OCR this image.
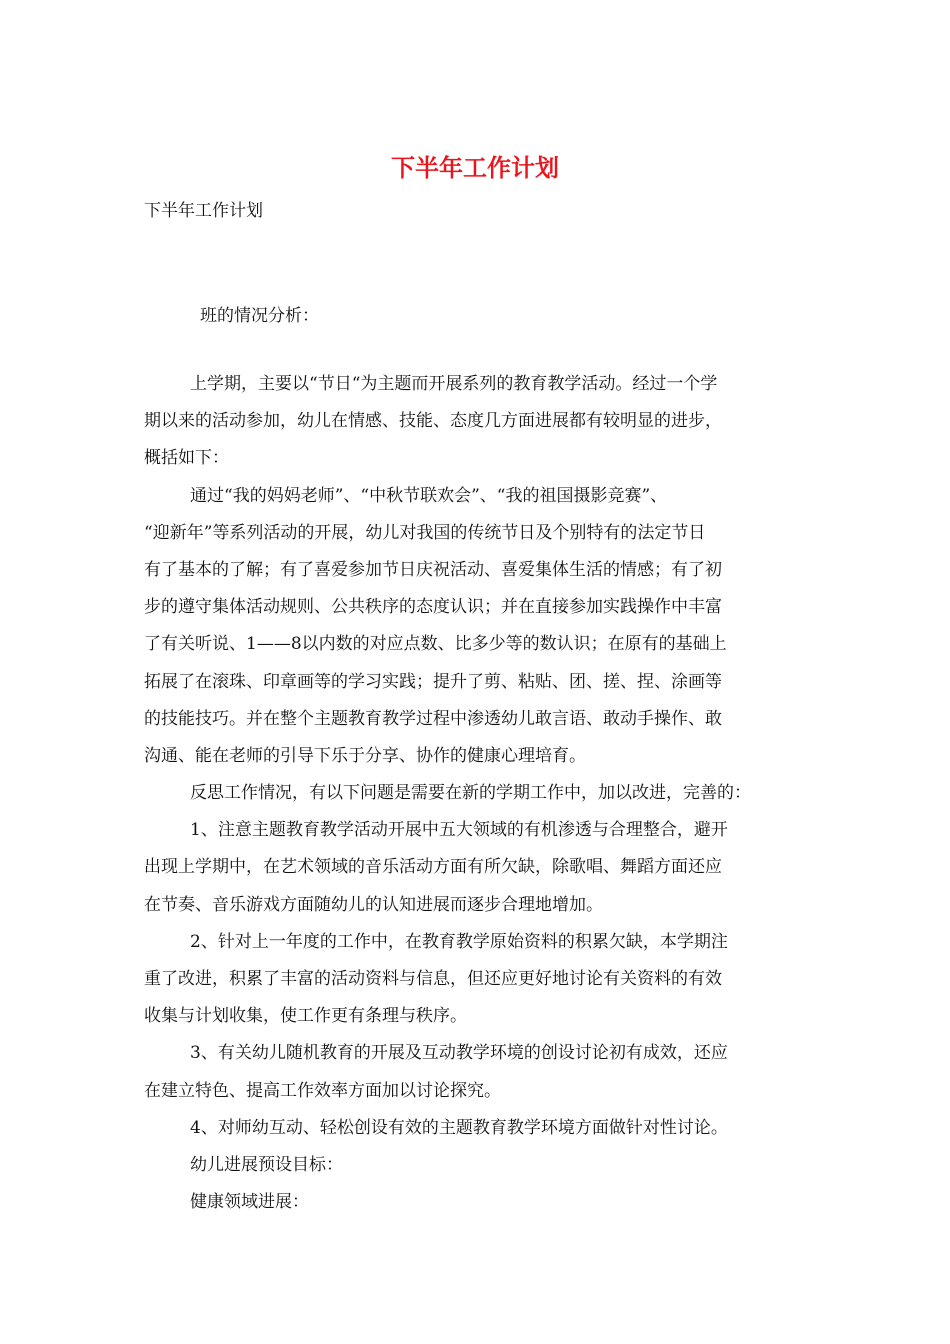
下半年工作计划
下半年工作计划
班的情况分析：
上学期，主要以“节日“为主题而开展系列的教育教学活动。经过一个学
期以来的活动参加，幼儿在情感、技能、态度几方面进展都有较明显的进步，
概括如下：
通过“我的妈妈老师”、“中秋节联欢会”、“我的祖国摄影竞赛”、
“迎新年”等系列活动的开展，幼儿对我国的传统节日及个别特有的法定节日
有了基本的了解；有了喜爱参加节日庆祝活动、喜爱集体生活的情感；有了初
步的遵守集体活动规则、公共秩序的态度认识；并在直接参加实践操作中丰富
了有关听说、1——8以内数的对应点数、比多少等的数认识；在原有的基础上
拓展了在滚珠、印章画等的学习实践；提升了剪、粘贴、团、搓、捏、涂画等
的技能技巧。并在整个主题教育教学过程中渗透幼儿敢言语、敢动手操作、敢
沟通、能在老师的引导下乐于分享、协作的健康心理培育。
反思工作情况，有以下问题是需要在新的学期工作中，加以改进，完善的：
1、注意主题教育教学活动开展中五大领域的有机渗透与合理整合，避开
出现上学期中，在艺术领域的音乐活动方面有所欠缺，除歌唱、舞蹈方面还应
在节奏、音乐游戏方面随幼儿的认知进展而逐步合理地增加。
2、针对上一年度的工作中，在教育教学原始资料的积累欠缺，本学期注
重了改进，积累了丰富的活动资料与信息，但还应更好地讨论有关资料的有效
收集与计划收集，使工作更有条理与秩序。
3、有关幼儿随机教育的开展及互动教学环境的创设讨论初有成效，还应
在建立特色、提高工作效率方面加以讨论探究。
4、对师幼互动、轻松创设有效的主题教育教学环境方面做针对性讨论。
幼儿进展预设目标：
健康领域进展：
